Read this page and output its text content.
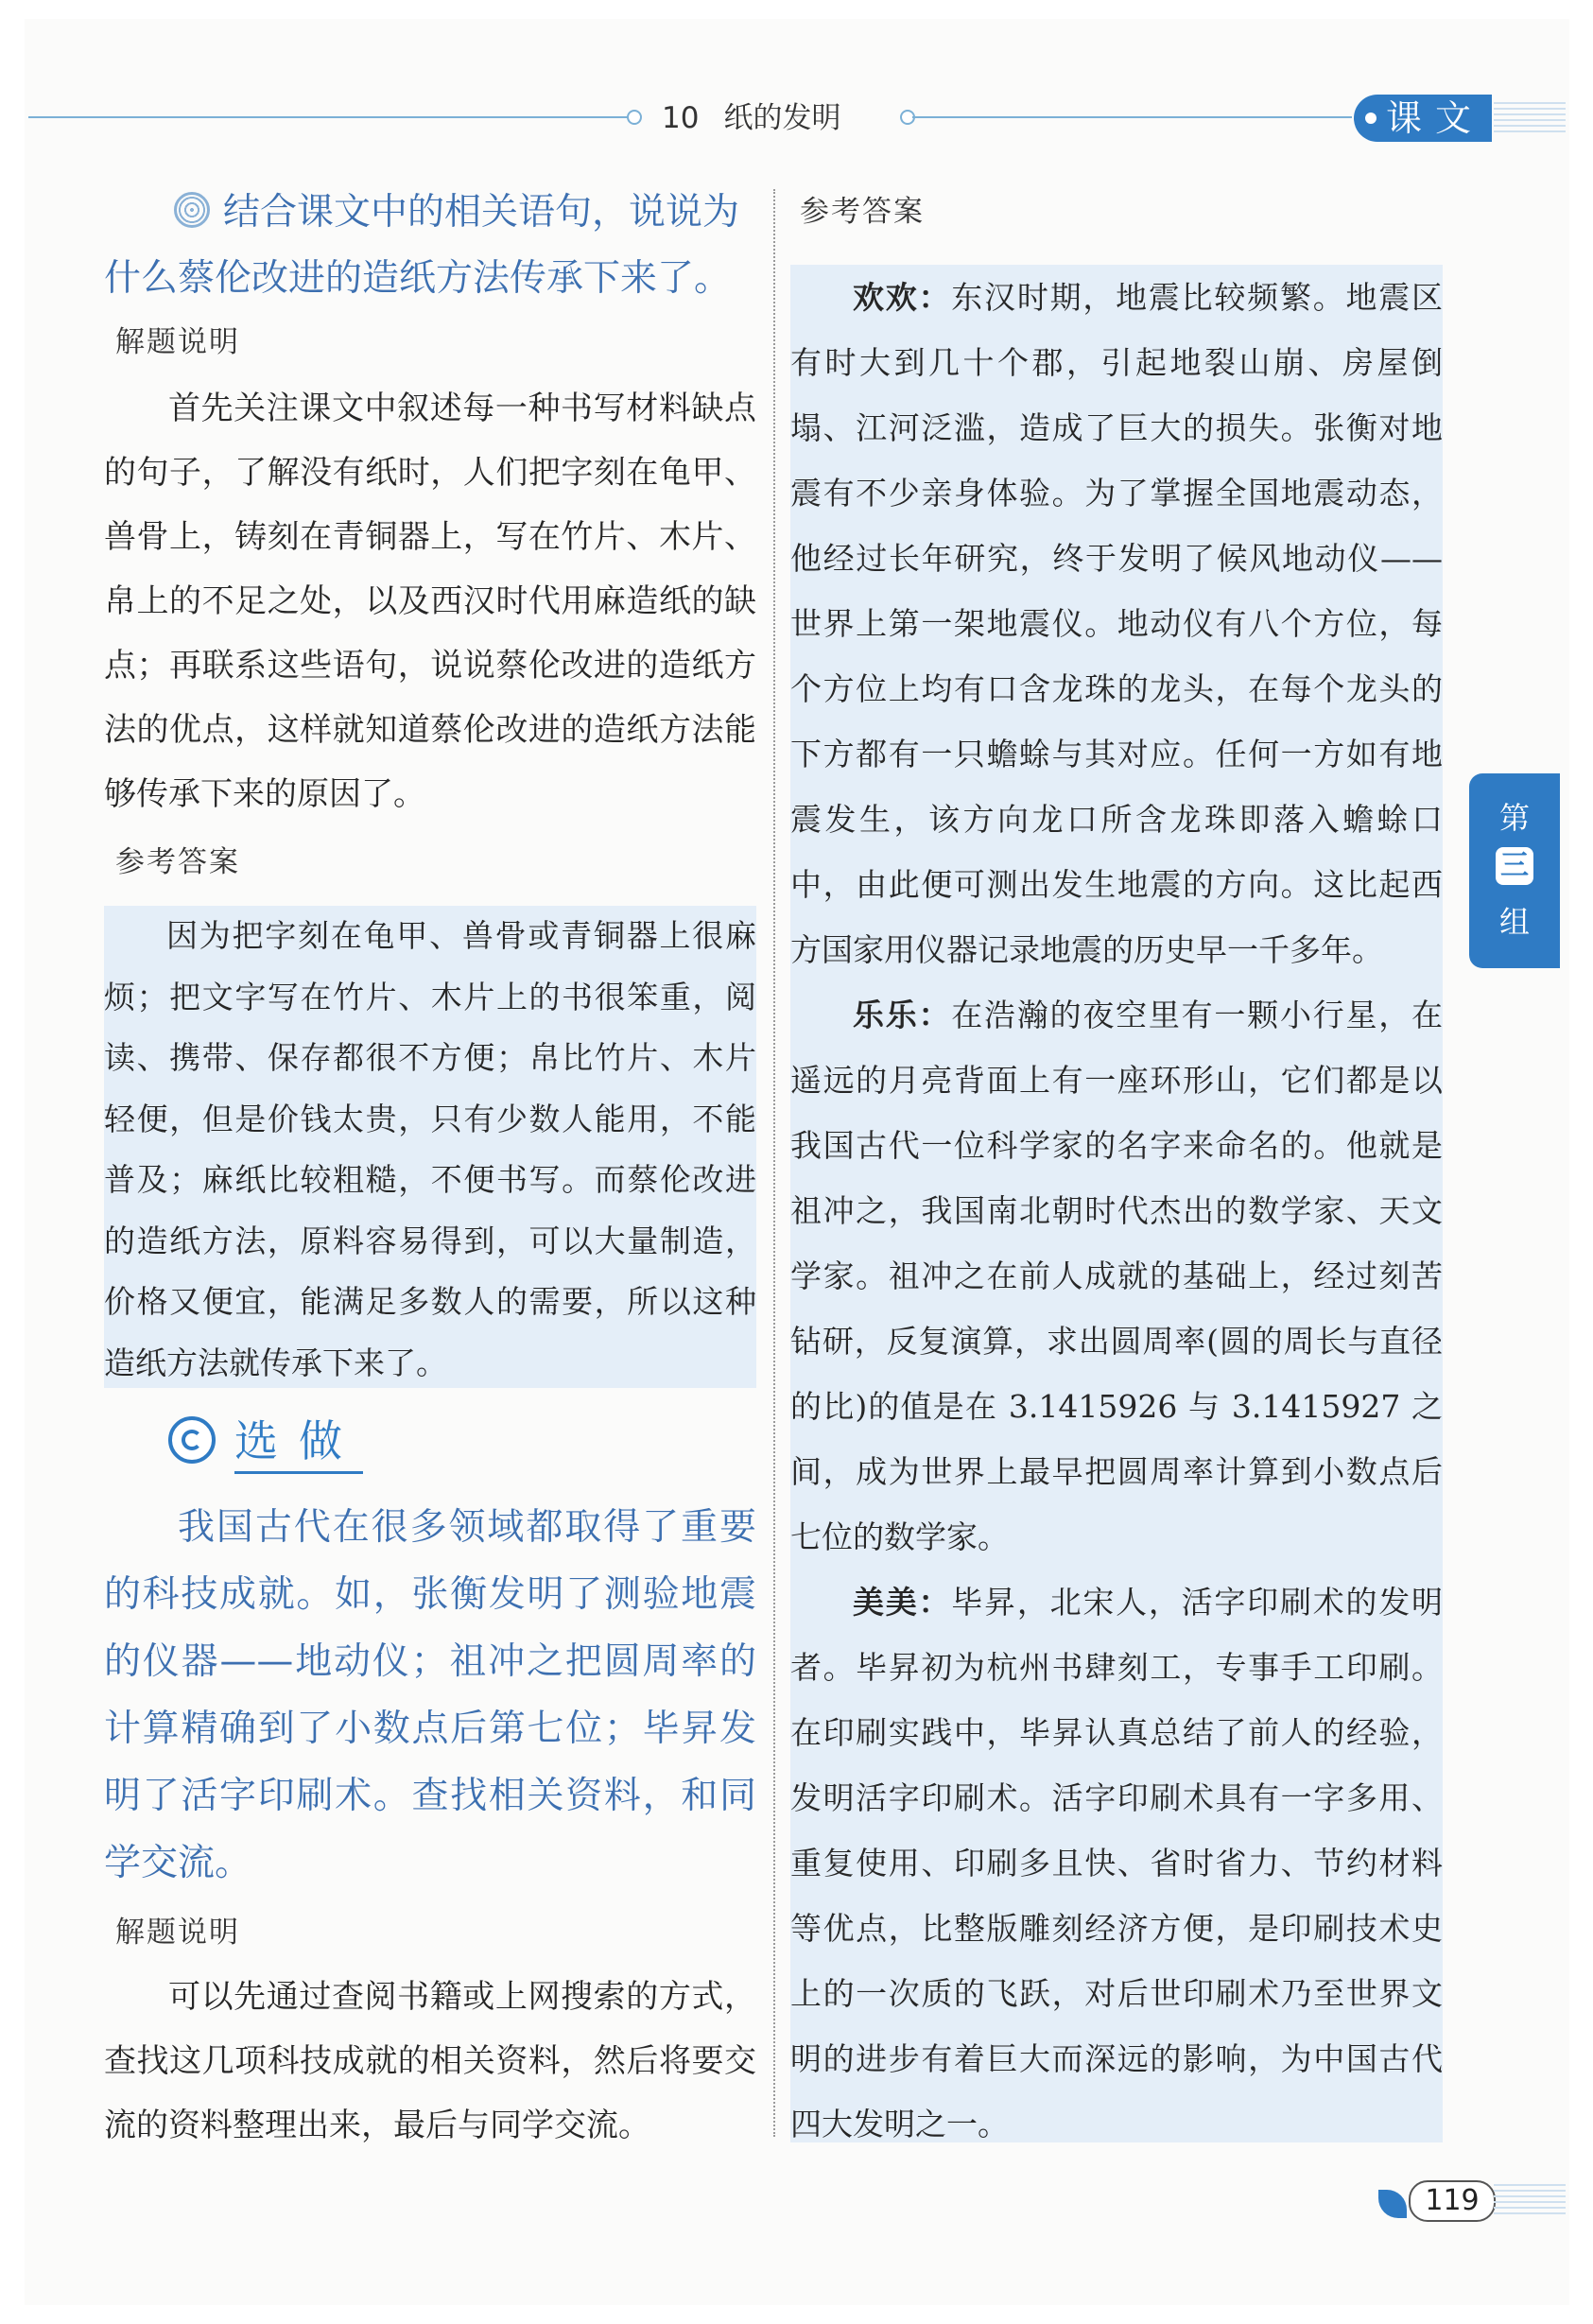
10 纸的发明	课文
结合课文中的相关语句，说说为什么蔡伦改进的造纸方法传承下来了。
解题说明

首先关注课文中叙述每一种书写材料缺点的句子，了解没有纸时，人们把字刻在龟甲、兽骨上，铸刻在青铜器上，写在竹片、木片、帛上的不足之处，以及西汉时代用麻造纸的缺点；再联系这些语句，说说蔡伦改进的造纸方法的优点，这样就知道蔡伦改进的造纸方法能够传承下来的原因了。

参考答案

因为把字刻在龟甲、兽骨或青铜器上很麻烦；把文字写在竹片、木片上的书很笨重，阅读、携带、保存都很不方便；帛比竹片、木片轻便，但是价钱太贵，只有少数人能用，不能普及；麻纸比较粗糙，不便书写。而蔡伦改进的造纸方法，原料容易得到，可以大量制造，价格又便宜，能满足多数人的需要，所以这种造纸方法就传承下来了。

选做

我国古代在很多领域都取得了重要的科技成就。如，张衡发明了测验地震的仪器——地动仪；祖冲之把圆周率的计算精确到了小数点后第七位；毕昇发明了活字印刷术。查找相关资料，和同学交流。

解题说明

可以先通过查阅书籍或上网搜索的方式，查找这几项科技成就的相关资料，然后将要交流的资料整理出来，最后与同学交流。

参考答案

欢欢：东汉时期，地震比较频繁。地震区有时大到几十个郡，引起地裂山崩、房屋倒塌、江河泛滥，造成了巨大的损失。张衡对地震有不少亲身体验。为了掌握全国地震动态，他经过长年研究，终于发明了候风地动仪——世界上第一架地震仪。地动仪有八个方位，每个方位上均有口含龙珠的龙头，在每个龙头的下方都有一只蟾蜍与其对应。任何一方如有地震发生，该方向龙口所含龙珠即落入蟾蜍口中，由此便可测出发生地震的方向。这比起西方国家用仪器记录地震的历史早一千多年。

乐乐：在浩瀚的夜空里有一颗小行星，在遥远的月亮背面上有一座环形山，它们都是以我国古代一位科学家的名字来命名的。他就是祖冲之，我国南北朝时代杰出的数学家、天文学家。祖冲之在前人成就的基础上，经过刻苦钻研，反复演算，求出圆周率(圆的周长与直径的比)的值是在 3.1415926 与 3.1415927 之间，成为世界上最早把圆周率计算到小数点后七位的数学家。

美美：毕昇，北宋人，活字印刷术的发明者。毕昇初为杭州书肆刻工，专事手工印刷。在印刷实践中，毕昇认真总结了前人的经验，发明活字印刷术。活字印刷术具有一字多用、重复使用、印刷多且快、省时省力、节约材料等优点，比整版雕刻经济方便，是印刷技术史上的一次质的飞跃，对后世印刷术乃至世界文明的进步有着巨大而深远的影响，为中国古代四大发明之一。

第
三
组
119
